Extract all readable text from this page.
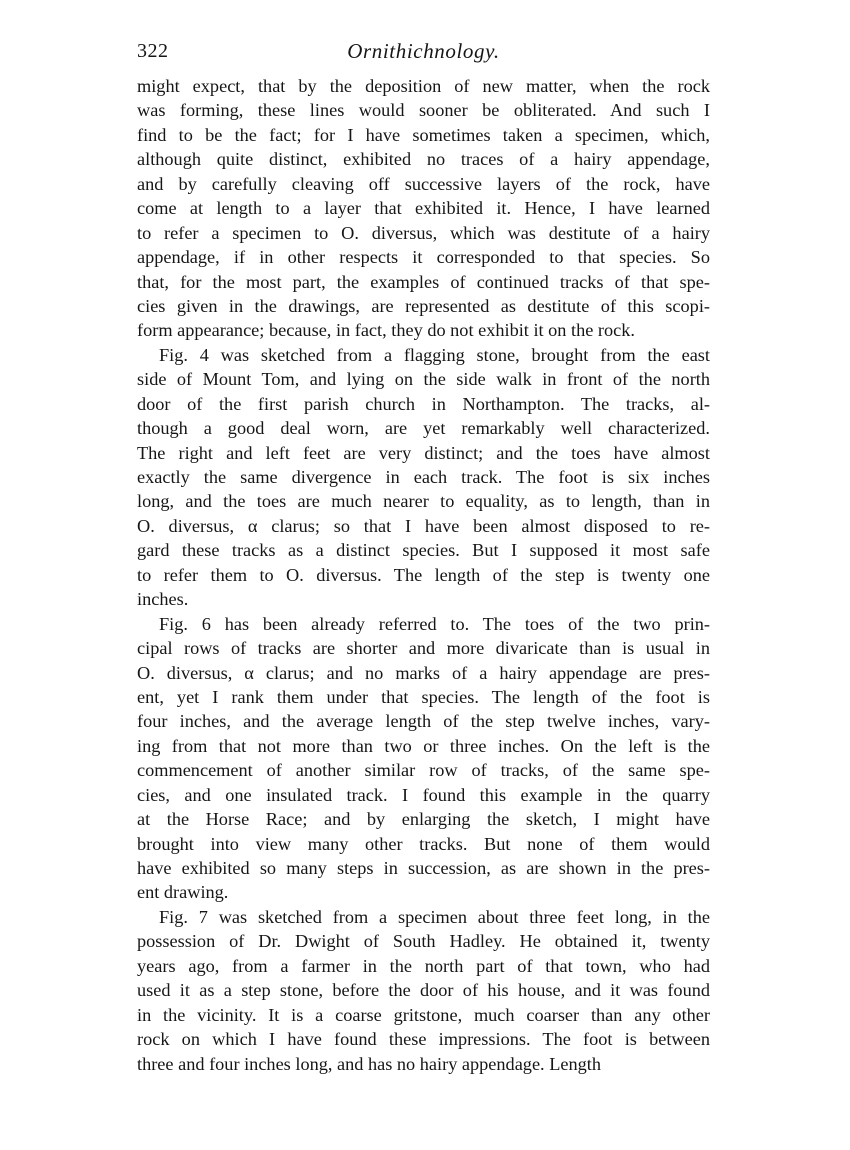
322	Ornithichnology.
might expect, that by the deposition of new matter, when the rock
was forming, these lines would sooner be obliterated. And such I
find to be the fact; for I have sometimes taken a specimen, which,
although quite distinct, exhibited no traces of a hairy appendage,
and by carefully cleaving off successive layers of the rock, have
come at length to a layer that exhibited it. Hence, I have learned
to refer a specimen to O. diversus, which was destitute of a hairy
appendage, if in other respects it corresponded to that species. So
that, for the most part, the examples of continued tracks of that spe-
cies given in the drawings, are represented as destitute of this scopi-
form appearance; because, in fact, they do not exhibit it on the rock.
Fig. 4 was sketched from a flagging stone, brought from the east
side of Mount Tom, and lying on the side walk in front of the north
door of the first parish church in Northampton. The tracks, al-
though a good deal worn, are yet remarkably well characterized.
The right and left feet are very distinct; and the toes have almost
exactly the same divergence in each track. The foot is six inches
long, and the toes are much nearer to equality, as to length, than in
O. diversus, α clarus; so that I have been almost disposed to re-
gard these tracks as a distinct species. But I supposed it most safe
to refer them to O. diversus. The length of the step is twenty one
inches.
Fig. 6 has been already referred to. The toes of the two prin-
cipal rows of tracks are shorter and more divaricate than is usual in
O. diversus, α clarus; and no marks of a hairy appendage are pres-
ent, yet I rank them under that species. The length of the foot is
four inches, and the average length of the step twelve inches, vary-
ing from that not more than two or three inches. On the left is the
commencement of another similar row of tracks, of the same spe-
cies, and one insulated track. I found this example in the quarry
at the Horse Race; and by enlarging the sketch, I might have
brought into view many other tracks. But none of them would
have exhibited so many steps in succession, as are shown in the pres-
ent drawing.
Fig. 7 was sketched from a specimen about three feet long, in the
possession of Dr. Dwight of South Hadley. He obtained it, twenty
years ago, from a farmer in the north part of that town, who had
used it as a step stone, before the door of his house, and it was found
in the vicinity. It is a coarse gritstone, much coarser than any other
rock on which I have found these impressions. The foot is between
three and four inches long, and has no hairy appendage. Length
